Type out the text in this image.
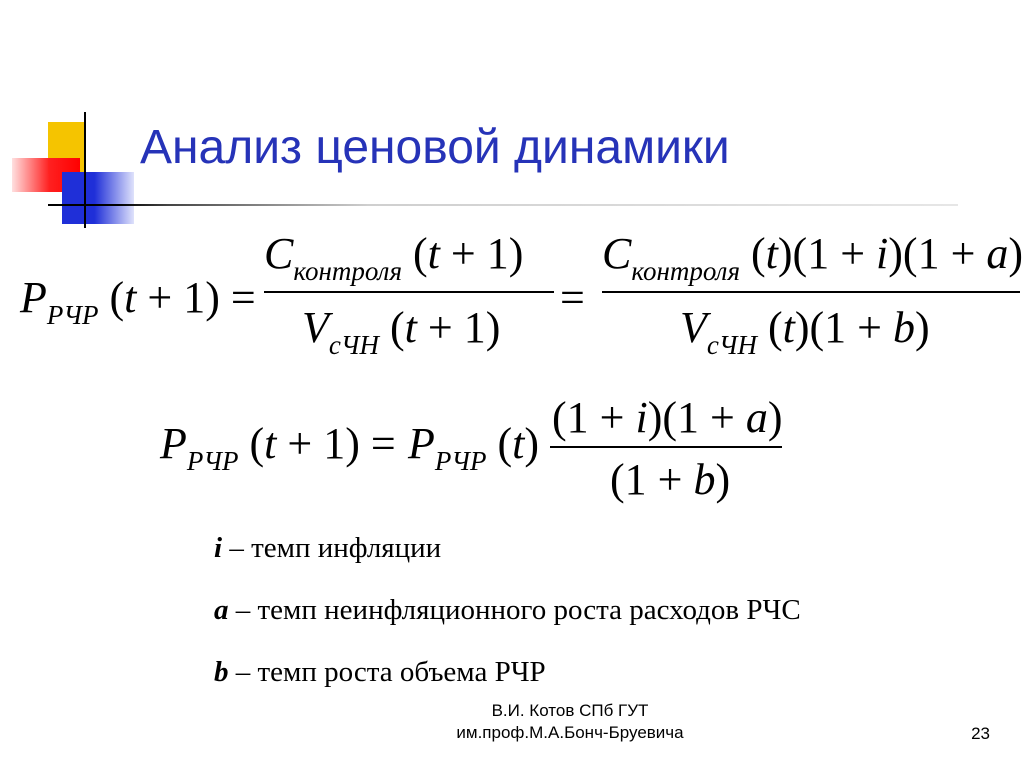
Анализ ценовой динамики
$P_{РЧР}$ (t + 1) =
$C_{контроля}$ (t + 1)
$V_{сЧН}$ (t + 1)
=
$C_{контроля}$ (t)(1 + i)(1 + a)
$V_{сЧН}$ (t)(1 + b)
$P_{РЧР}$ $(t + 1) = P_{РЧР}$ (t)
(1 + i)(1 + a)
(1 + b)
i – темп инфляции
a – темп неинфляционного роста расходов РЧС
b – темп роста объема РЧР
В.И. Котов СПб ГУТ
им.проф.М.А.Бонч-Бруевича	23
